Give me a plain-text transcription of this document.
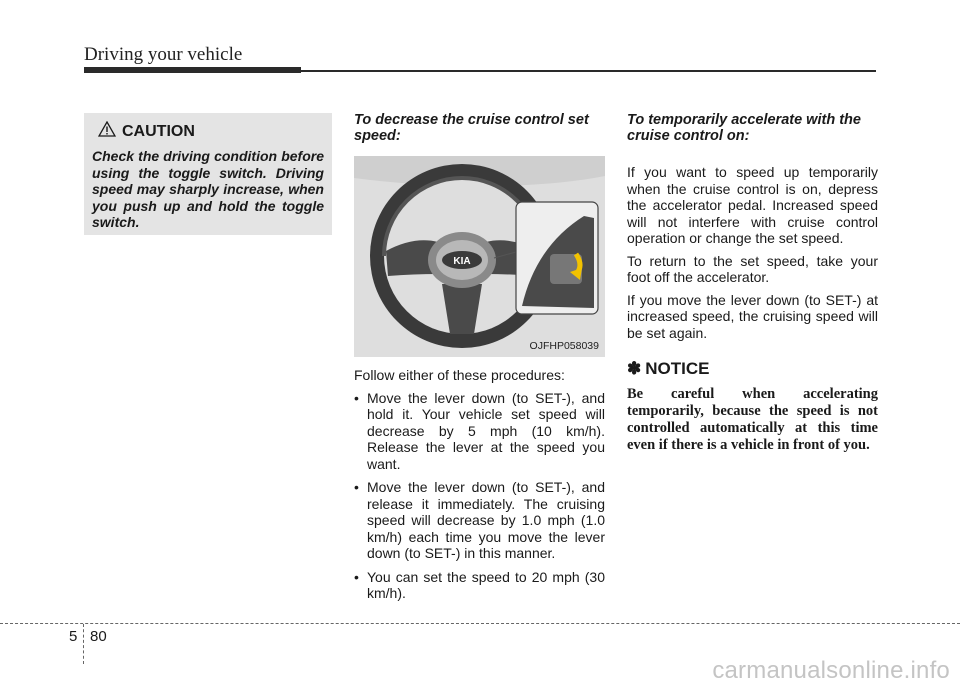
Driving your vehicle
CAUTION
Check the driving condition before using the toggle switch. Driving speed may sharply increase, when you push up and hold the toggle switch.

To decrease the cruise control set speed:

KIA
OJFHP058039

Follow either of these procedures:

• Move the lever down (to SET-), and hold it. Your vehicle set speed will decrease by 5 mph (10 km/h). Release the lever at the speed you want.
• Move the lever down (to SET-), and release it immediately. The cruising speed will decrease by 1.0 mph (1.0 km/h) each time you move the lever down (to SET-) in this manner.
• You can set the speed to 20 mph (30 km/h).

To temporarily accelerate with the cruise control on:

If you want to speed up temporarily when the cruise control is on, depress the accelerator pedal. Increased speed will not interfere with cruise control operation or change the set speed.

To return to the set speed, take your foot off the accelerator.

If you move the lever down (to SET-) at increased speed, the cruising speed will be set again.

✽ NOTICE
Be careful when accelerating temporarily, because the speed is not controlled automatically at this time even if there is a vehicle in front of you.
5 80
carmanualsonline.info
